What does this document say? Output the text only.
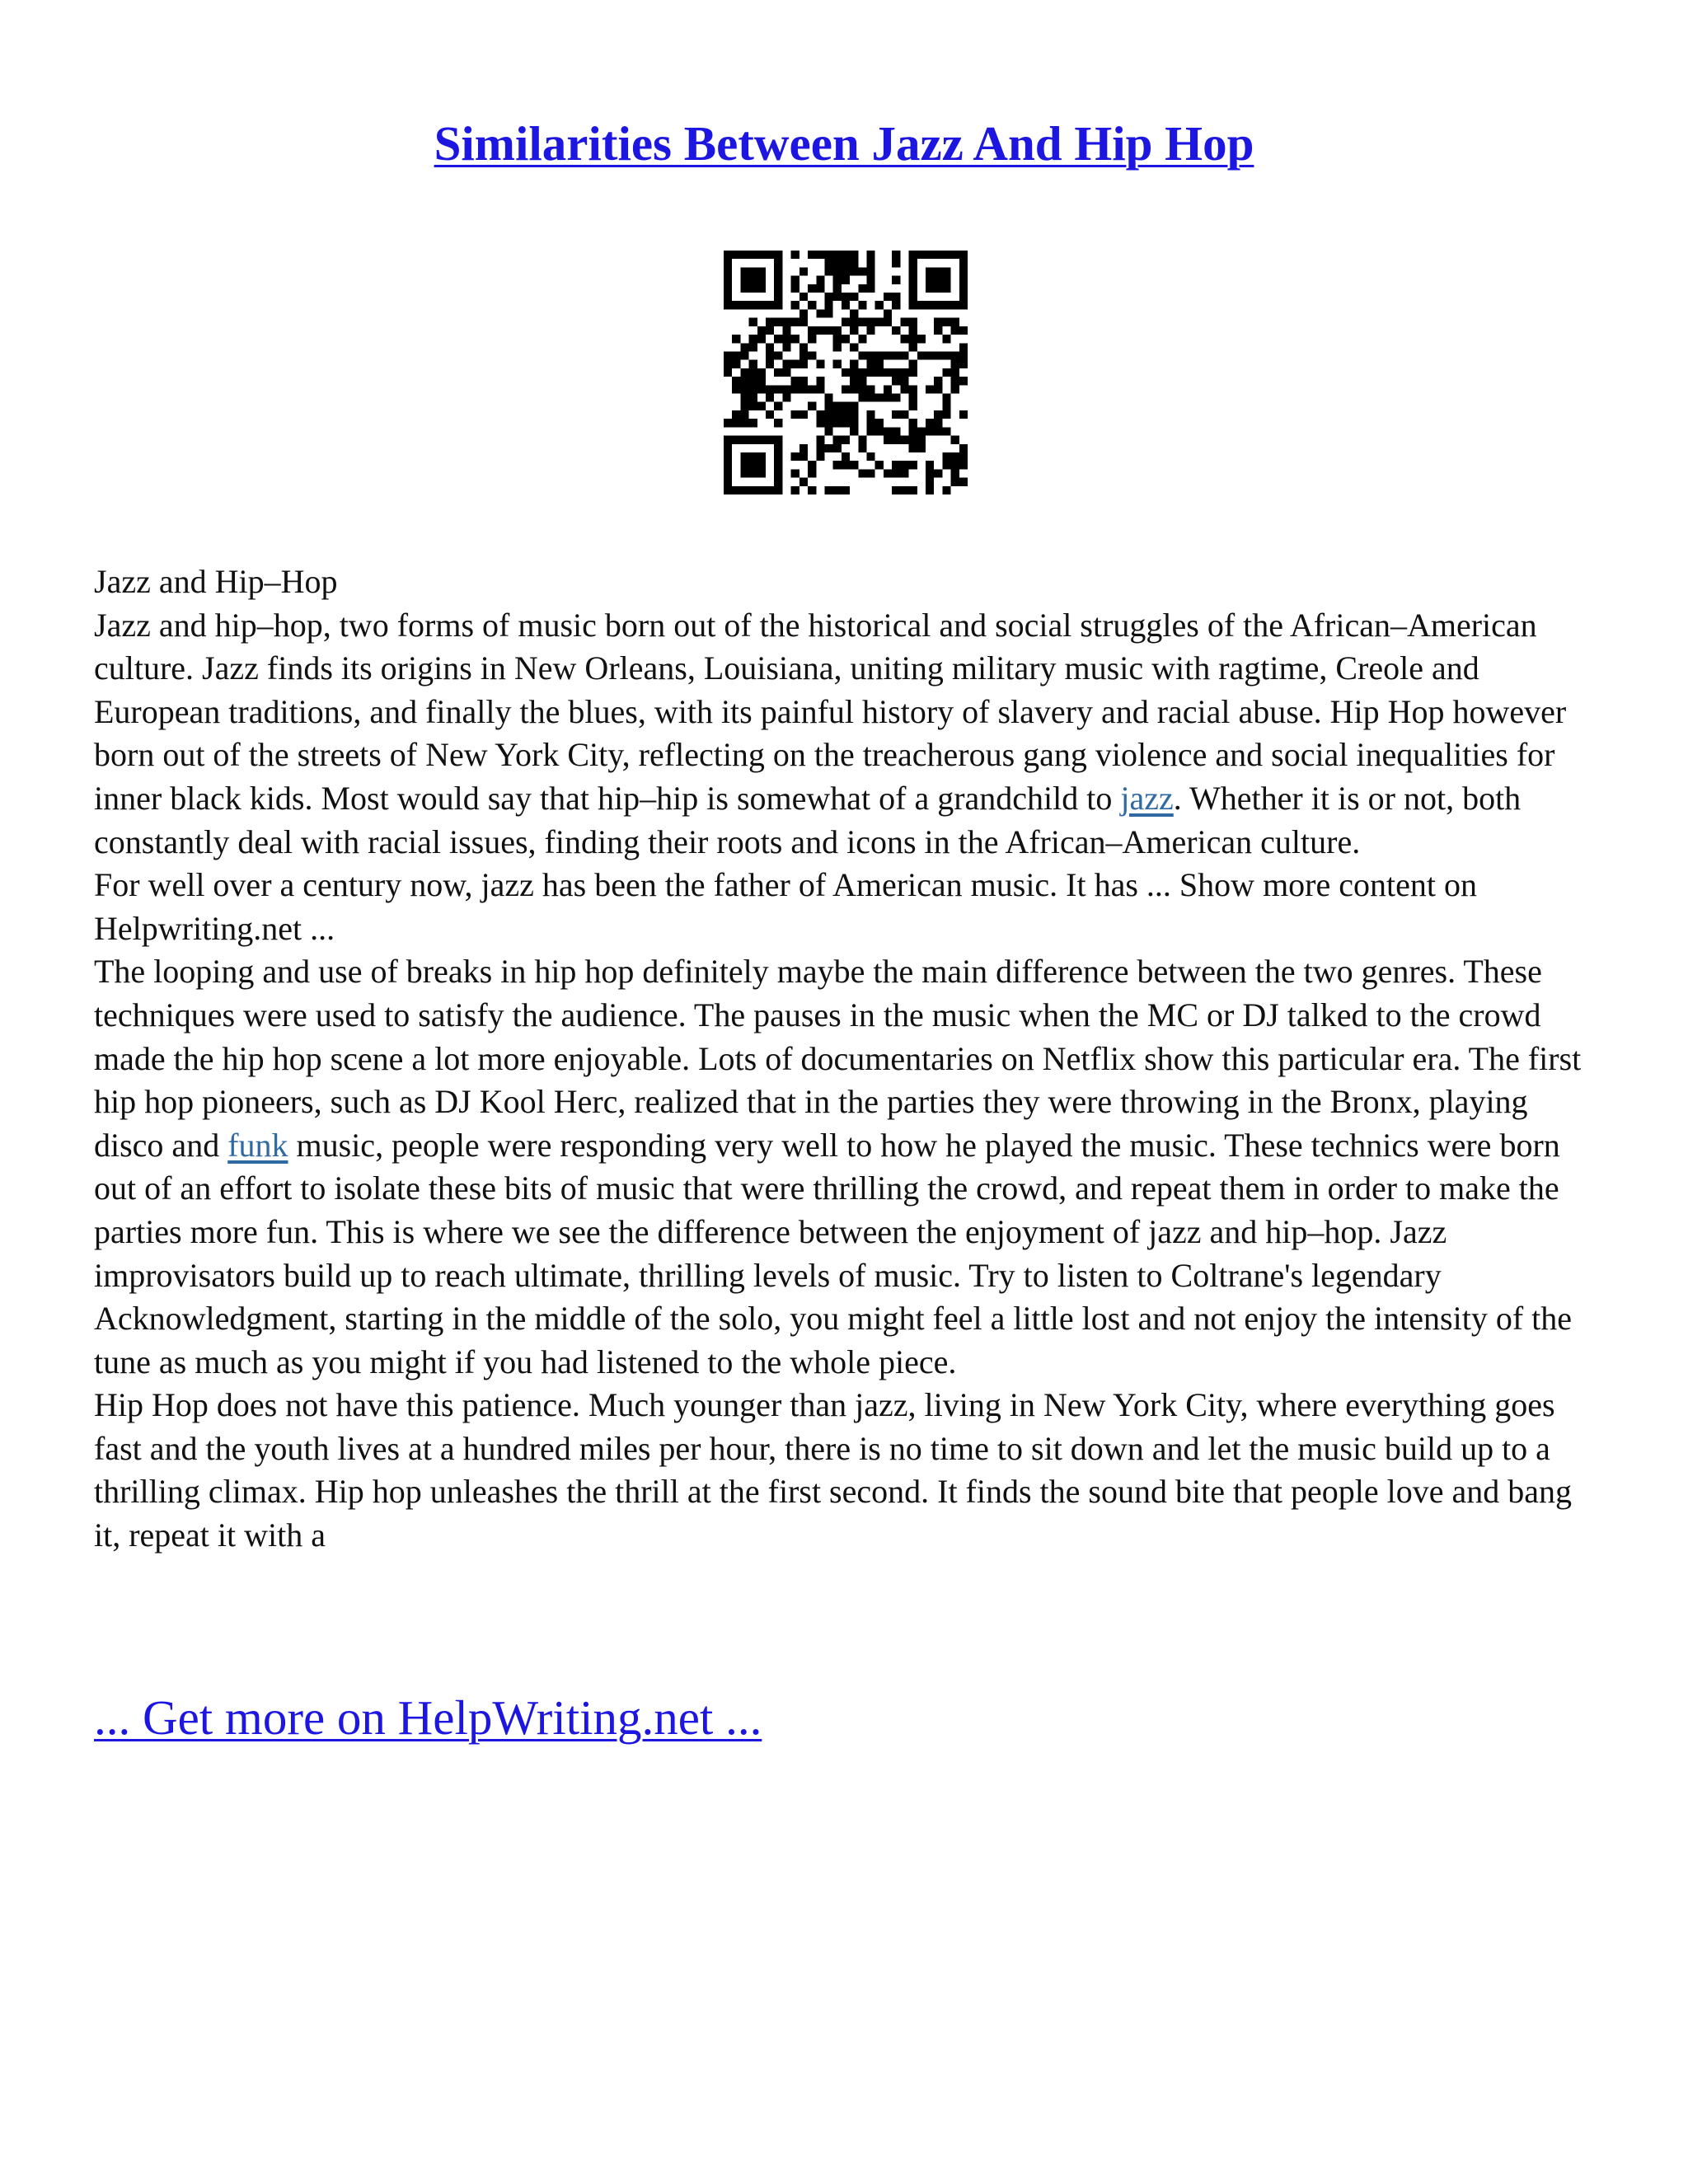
Similarities Between Jazz And Hip Hop

Jazz and Hip–Hop

Jazz and hip–hop, two forms of music born out of the historical and social struggles of the African–American culture. Jazz finds its origins in New Orleans, Louisiana, uniting military music with ragtime, Creole and European traditions, and finally the blues, with its painful history of slavery and racial abuse. Hip Hop however born out of the streets of New York City, reflecting on the treacherous gang violence and social inequalities for inner black kids. Most would say that hip–hip is somewhat of a grandchild to jazz. Whether it is or not, both constantly deal with racial issues, finding their roots and icons in the African–American culture.

For well over a century now, jazz has been the father of American music. It has ... Show more content on Helpwriting.net ...

The looping and use of breaks in hip hop definitely maybe the main difference between the two genres. These techniques were used to satisfy the audience. The pauses in the music when the MC or DJ talked to the crowd made the hip hop scene a lot more enjoyable. Lots of documentaries on Netflix show this particular era. The first hip hop pioneers, such as DJ Kool Herc, realized that in the parties they were throwing in the Bronx, playing disco and funk music, people were responding very well to how he played the music. These technics were born out of an effort to isolate these bits of music that were thrilling the crowd, and repeat them in order to make the parties more fun. This is where we see the difference between the enjoyment of jazz and hip–hop. Jazz improvisators build up to reach ultimate, thrilling levels of music. Try to listen to Coltrane's legendary Acknowledgment, starting in the middle of the solo, you might feel a little lost and not enjoy the intensity of the tune as much as you might if you had listened to the whole piece.

Hip Hop does not have this patience. Much younger than jazz, living in New York City, where everything goes fast and the youth lives at a hundred miles per hour, there is no time to sit down and let the music build up to a thrilling climax. Hip hop unleashes the thrill at the first second. It finds the sound bite that people love and bang it, repeat it with a

... Get more on HelpWriting.net ...
